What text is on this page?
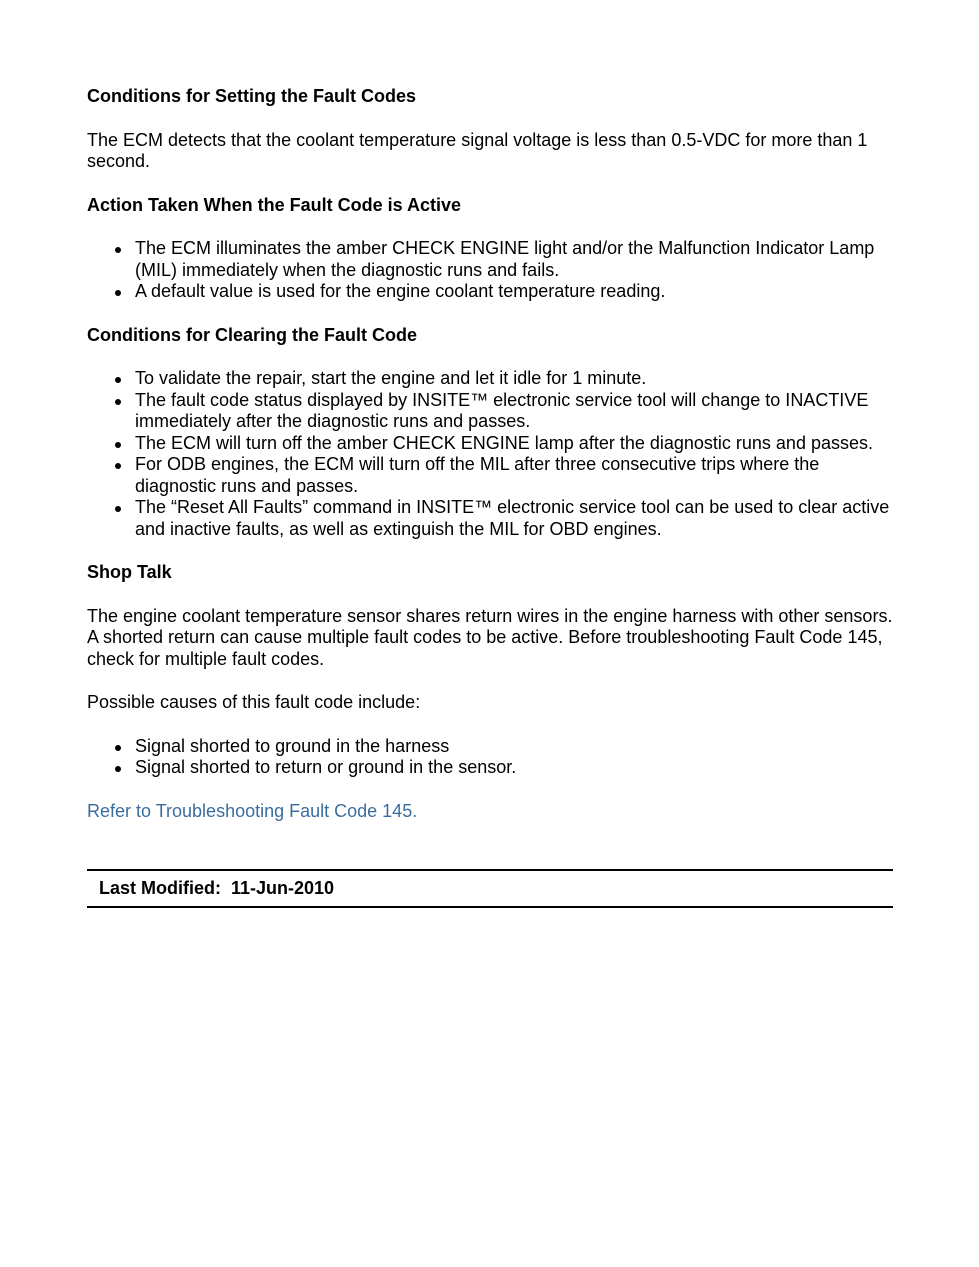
Conditions for Setting the Fault Codes

The ECM detects that the coolant temperature signal voltage is less than 0.5-VDC for more than 1 second.

Action Taken When the Fault Code is Active

The ECM illuminates the amber CHECK ENGINE light and/or the Malfunction Indicator Lamp (MIL) immediately when the diagnostic runs and fails.
A default value is used for the engine coolant temperature reading.

Conditions for Clearing the Fault Code

To validate the repair, start the engine and let it idle for 1 minute.
The fault code status displayed by INSITE™ electronic service tool will change to INACTIVE immediately after the diagnostic runs and passes.
The ECM will turn off the amber CHECK ENGINE lamp after the diagnostic runs and passes.
For ODB engines, the ECM will turn off the MIL after three consecutive trips where the diagnostic runs and passes.
The “Reset All Faults” command in INSITE™ electronic service tool can be used to clear active and inactive faults, as well as extinguish the MIL for OBD engines.

Shop Talk

The engine coolant temperature sensor shares return wires in the engine harness with other sensors. A shorted return can cause multiple fault codes to be active. Before troubleshooting Fault Code 145, check for multiple fault codes.

Possible causes of this fault code include:

Signal shorted to ground in the harness
Signal shorted to return or ground in the sensor.

Refer to Troubleshooting Fault Code 145.

Last Modified:  11-Jun-2010
